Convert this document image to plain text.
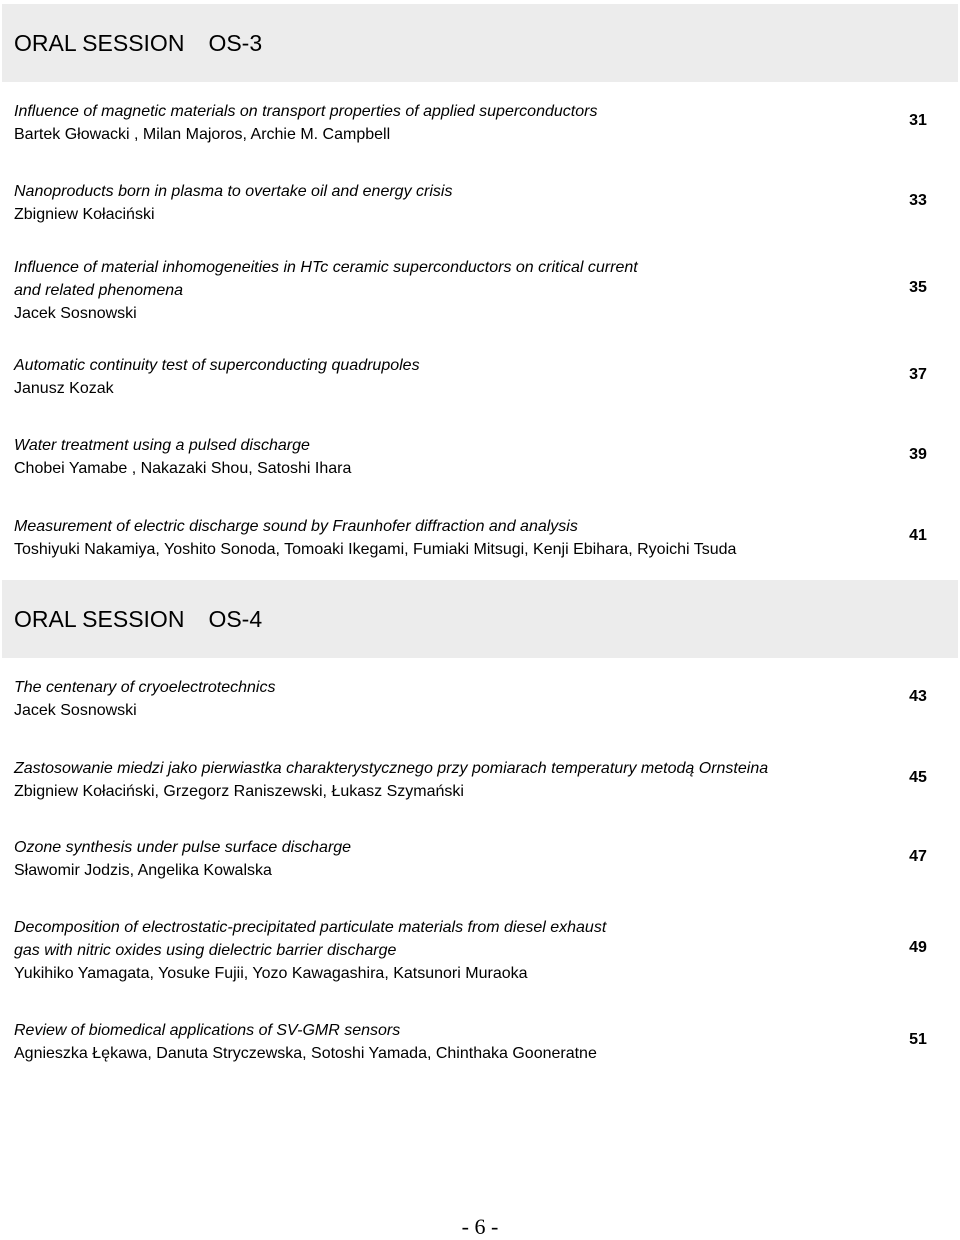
ORAL SESSION OS-3
Influence of magnetic materials on transport properties of applied superconductors
Bartek Głowacki , Milan Majoros, Archie M. Campbell
31
Nanoproducts born in plasma to overtake oil and energy crisis
Zbigniew Kołaciński
33
Influence of material inhomogeneities in HTc ceramic superconductors on critical current
and related phenomena
Jacek Sosnowski
35
Automatic continuity test of superconducting quadrupoles
Janusz Kozak
37
Water treatment using a pulsed discharge
Chobei Yamabe , Nakazaki Shou, Satoshi Ihara
39
Measurement of electric discharge sound by Fraunhofer diffraction and analysis
Toshiyuki Nakamiya, Yoshito Sonoda, Tomoaki Ikegami, Fumiaki Mitsugi, Kenji Ebihara, Ryoichi Tsuda
41
ORAL SESSION OS-4
The centenary of cryoelectrotechnics
Jacek Sosnowski
43
Zastosowanie miedzi jako pierwiastka charakterystycznego przy pomiarach temperatury metodą Ornsteina
Zbigniew Kołaciński, Grzegorz Raniszewski, Łukasz Szymański
45
Ozone synthesis under pulse surface discharge
Sławomir Jodzis, Angelika Kowalska
47
Decomposition of electrostatic-precipitated particulate materials from diesel exhaust
gas with nitric oxides using dielectric barrier discharge
Yukihiko Yamagata, Yosuke Fujii, Yozo Kawagashira, Katsunori Muraoka
49
Review of biomedical applications of SV-GMR sensors
Agnieszka Łękawa, Danuta Stryczewska, Sotoshi Yamada, Chinthaka Gooneratne
51
- 6 -
